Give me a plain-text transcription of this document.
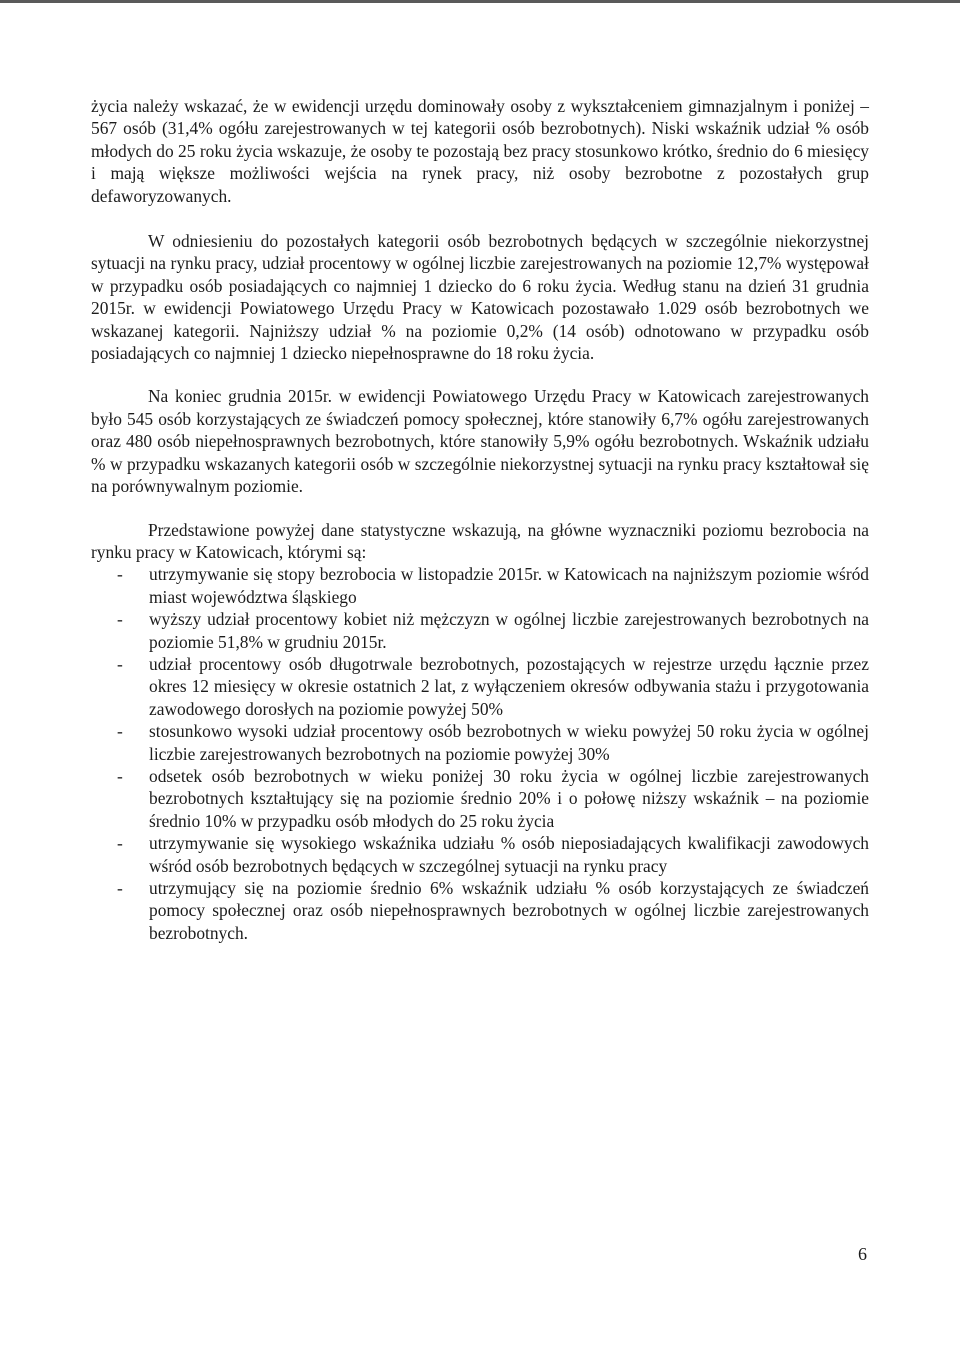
życia należy wskazać, że w ewidencji urzędu dominowały osoby z wykształceniem gimnazjalnym i poniżej – 567 osób (31,4% ogółu zarejestrowanych w tej kategorii osób bezrobotnych). Niski wskaźnik udział % osób młodych do 25 roku życia wskazuje, że osoby te pozostają bez pracy stosunkowo krótko, średnio do 6 miesięcy i mają większe możliwości wejścia na rynek pracy, niż osoby bezrobotne z pozostałych grup defaworyzowanych.

W odniesieniu do pozostałych kategorii osób bezrobotnych będących w szczególnie niekorzystnej sytuacji na rynku pracy, udział procentowy w ogólnej liczbie zarejestrowanych na poziomie 12,7% występował w przypadku osób posiadających co najmniej 1 dziecko do 6 roku życia. Według stanu na dzień 31 grudnia 2015r. w ewidencji Powiatowego Urzędu Pracy w Katowicach pozostawało 1.029 osób bezrobotnych we wskazanej kategorii. Najniższy udział % na poziomie 0,2% (14 osób) odnotowano w przypadku osób posiadających co najmniej 1 dziecko niepełnosprawne do 18 roku życia.

Na koniec grudnia 2015r. w ewidencji Powiatowego Urzędu Pracy w Katowicach zarejestrowanych było 545 osób korzystających ze świadczeń pomocy społecznej, które stanowiły 6,7% ogółu zarejestrowanych oraz 480 osób niepełnosprawnych bezrobotnych, które stanowiły 5,9% ogółu bezrobotnych. Wskaźnik udziału % w przypadku wskazanych kategorii osób w szczególnie niekorzystnej sytuacji na rynku pracy kształtował się na porównywalnym poziomie.

Przedstawione powyżej dane statystyczne wskazują, na główne wyznaczniki poziomu bezrobocia na rynku pracy w Katowicach, którymi są:

- utrzymywanie się stopy bezrobocia w listopadzie 2015r. w Katowicach na najniższym poziomie wśród miast województwa śląskiego
- wyższy udział procentowy kobiet niż mężczyzn w ogólnej liczbie zarejestrowanych bezrobotnych na poziomie 51,8% w grudniu 2015r.
- udział procentowy osób długotrwale bezrobotnych, pozostających w rejestrze urzędu łącznie przez okres 12 miesięcy w okresie ostatnich 2 lat, z wyłączeniem okresów odbywania stażu i przygotowania zawodowego dorosłych na poziomie powyżej 50%
- stosunkowo wysoki udział procentowy osób bezrobotnych w wieku powyżej 50 roku życia w ogólnej liczbie zarejestrowanych bezrobotnych na poziomie powyżej 30%
- odsetek osób bezrobotnych w wieku poniżej 30 roku życia w ogólnej liczbie zarejestrowanych bezrobotnych kształtujący się na poziomie średnio 20% i o połowę niższy wskaźnik – na poziomie średnio 10% w przypadku osób młodych do 25 roku życia
- utrzymywanie się wysokiego wskaźnika udziału % osób nieposiadających kwalifikacji zawodowych wśród osób bezrobotnych będących w szczególnej sytuacji na rynku pracy
- utrzymujący się na poziomie średnio 6% wskaźnik udziału % osób korzystających ze świadczeń pomocy społecznej oraz osób niepełnosprawnych bezrobotnych w ogólnej liczbie zarejestrowanych bezrobotnych.
6
